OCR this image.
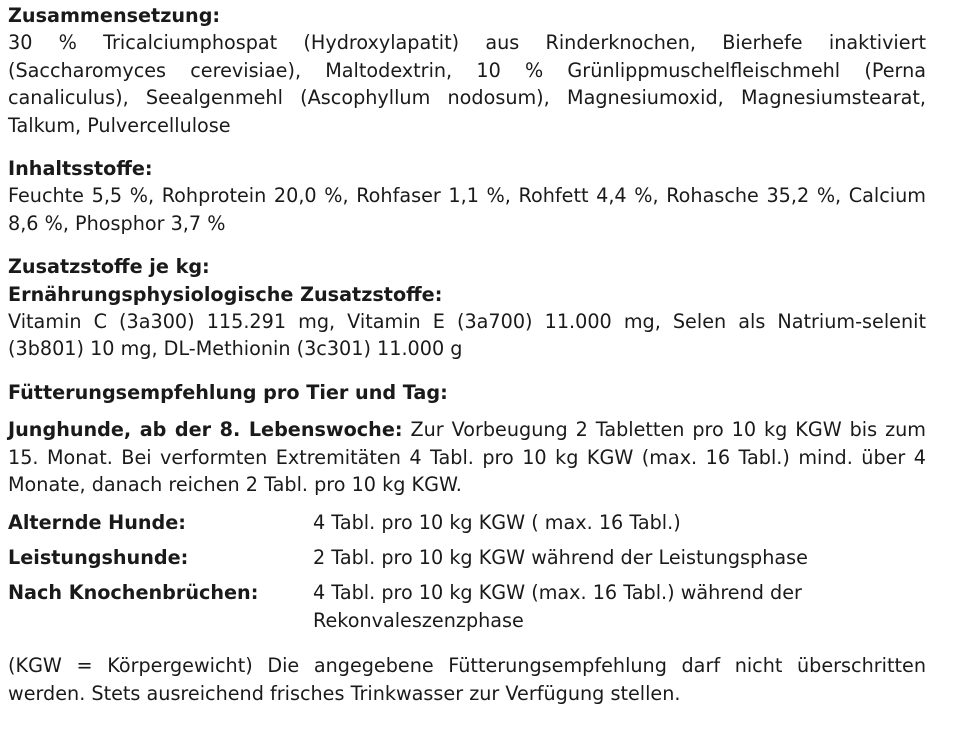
Zusammensetzung:

30 % Tricalciumphospat (Hydroxylapatit) aus Rinderknochen, Bierhefe inaktiviert (Saccharomyces cerevisiae), Maltodextrin, 10 % Grünlippmuschelfleischmehl (Perna canaliculus), Seealgenmehl (Ascophyllum nodosum), Magnesiumoxid, Magnesiumstearat, Talkum, Pulvercellulose

Inhaltsstoffe:

Feuchte 5,5 %, Rohprotein 20,0 %, Rohfaser 1,1 %, Rohfett 4,4 %, Rohasche 35,2 %, Calcium 8,6 %, Phosphor 3,7 %

Zusatzstoffe je kg:
Ernährungsphysiologische Zusatzstoffe:

Vitamin C (3a300) 115.291 mg, Vitamin E (3a700) 11.000 mg, Selen als Natrium-selenit (3b801) 10 mg, DL-Methionin (3c301) 11.000 g

Fütterungsempfehlung pro Tier und Tag:

Junghunde, ab der 8. Lebenswoche: Zur Vorbeugung 2 Tabletten pro 10 kg KGW bis zum 15. Monat. Bei verformten Extremitäten 4 Tabl. pro 10 kg KGW (max. 16 Tabl.) mind. über 4 Monate, danach reichen 2 Tabl. pro 10 kg KGW.

Alternde Hunde:	4 Tabl. pro 10 kg KGW ( max. 16 Tabl.)
Leistungshunde:	2 Tabl. pro 10 kg KGW während der Leistungsphase
Nach Knochenbrüchen:	4 Tabl. pro 10 kg KGW (max. 16 Tabl.) während der Rekonvaleszenzphase

(KGW = Körpergewicht) Die angegebene Fütterungsempfehlung darf nicht überschritten werden. Stets ausreichend frisches Trinkwasser zur Verfügung stellen.
